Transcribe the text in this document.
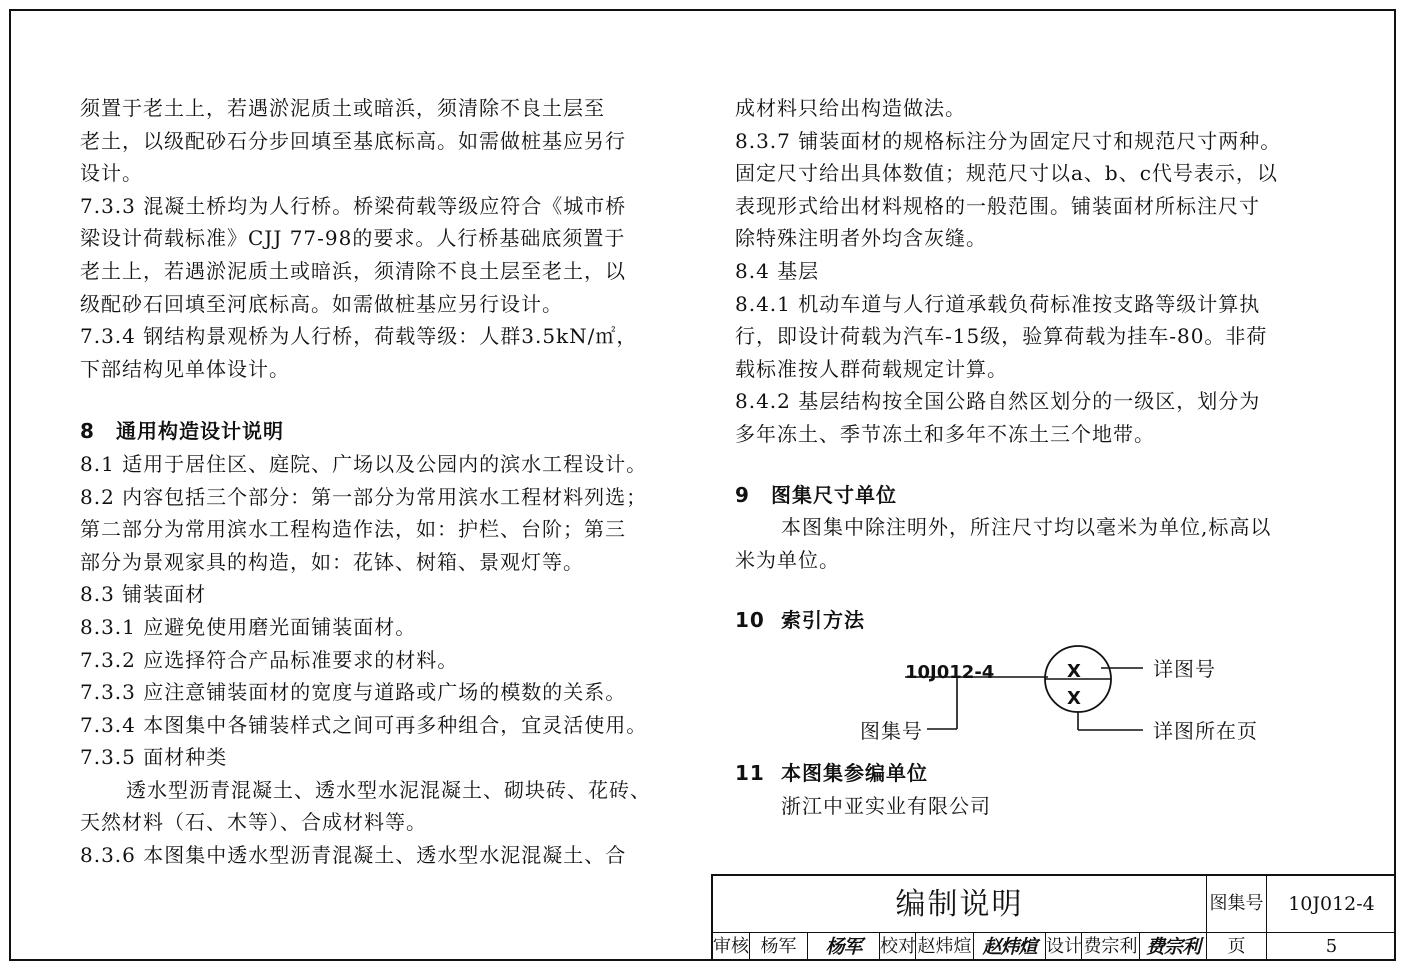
须置于老土上，若遇淤泥质土或暗浜，须清除不良土层至

老土，以级配砂石分步回填至基底标高。如需做桩基应另行

设计。

7.3.3 混凝土桥均为人行桥。桥梁荷载等级应符合《城市桥

梁设计荷载标准》CJJ 77-98的要求。人行桥基础底须置于

老土上，若遇淤泥质土或暗浜，须清除不良土层至老土，以

级配砂石回填至河底标高。如需做桩基应另行设计。

7.3.4 钢结构景观桥为人行桥，荷载等级：人群3.5kN/㎡，

下部结构见单体设计。

8 通用构造设计说明

8.1 适用于居住区、庭院、广场以及公园内的滨水工程设计。

8.2 内容包括三个部分：第一部分为常用滨水工程材料列选；

第二部分为常用滨水工程构造作法，如：护栏、台阶；第三

部分为景观家具的构造，如：花钵、树箱、景观灯等。

8.3 铺装面材

8.3.1 应避免使用磨光面铺装面材。

7.3.2 应选择符合产品标准要求的材料。

7.3.3 应注意铺装面材的宽度与道路或广场的模数的关系。

7.3.4 本图集中各铺装样式之间可再多种组合，宜灵活使用。

7.3.5 面材种类

透水型沥青混凝土、透水型水泥混凝土、砌块砖、花砖、

天然材料（石、木等）、合成材料等。

8.3.6 本图集中透水型沥青混凝土、透水型水泥混凝土、合

成材料只给出构造做法。

8.3.7 铺装面材的规格标注分为固定尺寸和规范尺寸两种。

固定尺寸给出具体数值；规范尺寸以a、b、c代号表示，以

表现形式给出材料规格的一般范围。铺装面材所标注尺寸

除特殊注明者外均含灰缝。

8.4 基层

8.4.1 机动车道与人行道承载负荷标准按支路等级计算执

行，即设计荷载为汽车-15级，验算荷载为挂车-80。非荷

载标准按人群荷载规定计算。

8.4.2 基层结构按全国公路自然区划分的一级区，划分为

多年冻土、季节冻土和多年不冻土三个地带。

9 图集尺寸单位

本图集中除注明外，所注尺寸均以毫米为单位,标高以

米为单位。

10 索引方法
10J012-4	X
X
详图号
图集号	详图所在页
11 本图集参编单位

浙江中亚实业有限公司

编制说明	图集号	10J012-4
审核 杨军	杨军	校对 赵炜煊 赵炜煊 设计 费宗利 费宗利	页	5
